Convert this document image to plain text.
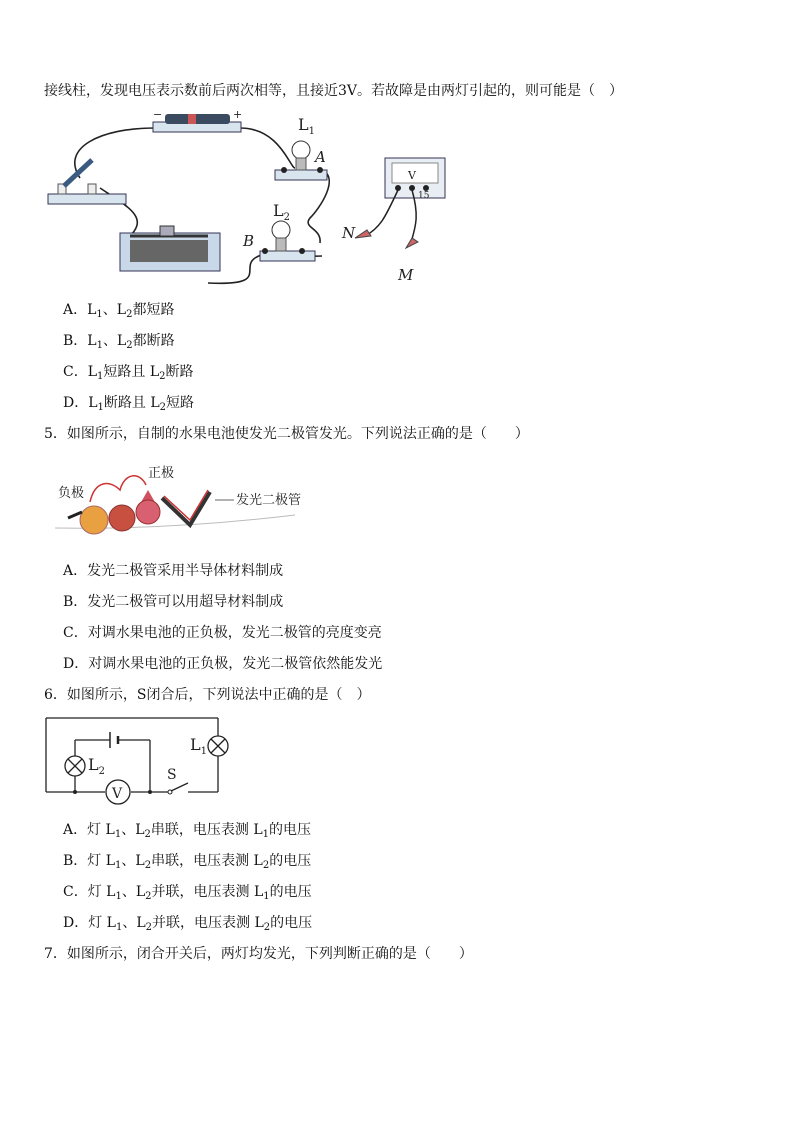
接线柱，发现电压表示数前后两次相等，且接近3V。若故障是由两灯引起的，则可能是（　）
−	+
$L_1$
A
$L_2$
B
V
15
N
M
A．$L_1$、$L_2$都短路
B．$L_1$、$L_2$都断路
C．$L_1$短路且 $L_2$断路
D．$L_1$断路且 $L_2$短路
5．如图所示，自制的水果电池使发光二极管发光。下列说法正确的是（　　）
负极
正极
发光二极管
A．发光二极管采用半导体材料制成
B．发光二极管可以用超导材料制成
C．对调水果电池的正负极，发光二极管的亮度变亮
D．对调水果电池的正负极，发光二极管依然能发光
6．如图所示，S闭合后，下列说法中正确的是（　）
$L_1$
$L_2$
V
S
A．灯 $L_1$、$L_2$串联，电压表测 $L_1$的电压
B．灯 $L_1$、$L_2$串联，电压表测 $L_2$的电压
C．灯 $L_1$、$L_2$并联，电压表测 $L_1$的电压
D．灯 $L_1$、$L_2$并联，电压表测 $L_2$的电压
7．如图所示，闭合开关后，两灯均发光，下列判断正确的是（　　）
